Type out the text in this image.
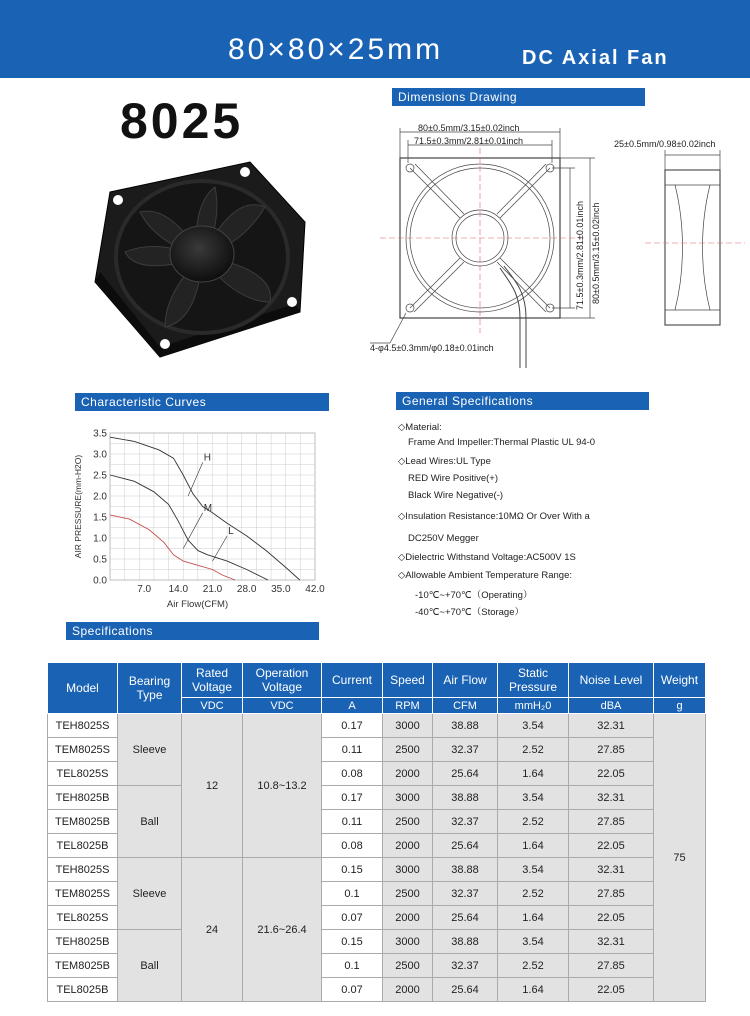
80×80×25mm	DC Axial Fan
8025	Dimensions Drawing
80±0.5mm/3.15±0.02inch
71.5±0.3mm/2.81±0.01inch	25±0.5mm/0.98±0.02inch
71.5±0.3mm/2.81±0.01inch 80±0.5mm/3.15±0.02inch
4-φ4.5±0.3mm/φ0.18±0.01inch
Characteristic Curves
0.0
0.5
1.0
1.5
2.0
2.5
3.0
3.5
7.0 14.0 21.0 28.0 35.0 42.0
Air Flow(CFM)
AIR PRESSURE(mm-H2O)	H
M
L
General Specifications
◇Material:
Frame And Impeller:Thermal Plastic UL 94-0
◇Lead Wires:UL Type
RED Wire Positive(+)
Black Wire Negative(-)
◇Insulation Resistance:10MΩ Or Over With a
DC250V Megger
◇Dielectric Withstand Voltage:AC500V 1S
◇Allowable Ambient Temperature Range:
-10℃~+70℃（Operating）
-40℃~+70℃（Storage）
Specifications
Model	Bearing Type	Rated Voltage	Operation Voltage	Current	Speed	Air Flow	Static Pressure	Noise Level	Weight
		VDC	VDC	A	RPM	CFM	mmH₂0	dBA	g
TEH8025S	Sleeve	12	10.8~13.2	0.17	3000	38.88	3.54	32.31	75
TEM8025S				0.11	2500	32.37	2.52	27.85	
TEL8025S				0.08	2000	25.64	1.64	22.05	
TEH8025B	Ball			0.17	3000	38.88	3.54	32.31	
TEM8025B				0.11	2500	32.37	2.52	27.85	
TEL8025B				0.08	2000	25.64	1.64	22.05	
TEH8025S	Sleeve	24	21.6~26.4	0.15	3000	38.88	3.54	32.31	
TEM8025S				0.1	2500	32.37	2.52	27.85	
TEL8025S				0.07	2000	25.64	1.64	22.05	
TEH8025B	Ball			0.15	3000	38.88	3.54	32.31	
TEM8025B				0.1	2500	32.37	2.52	27.85	
TEL8025B				0.07	2000	25.64	1.64	22.05	
